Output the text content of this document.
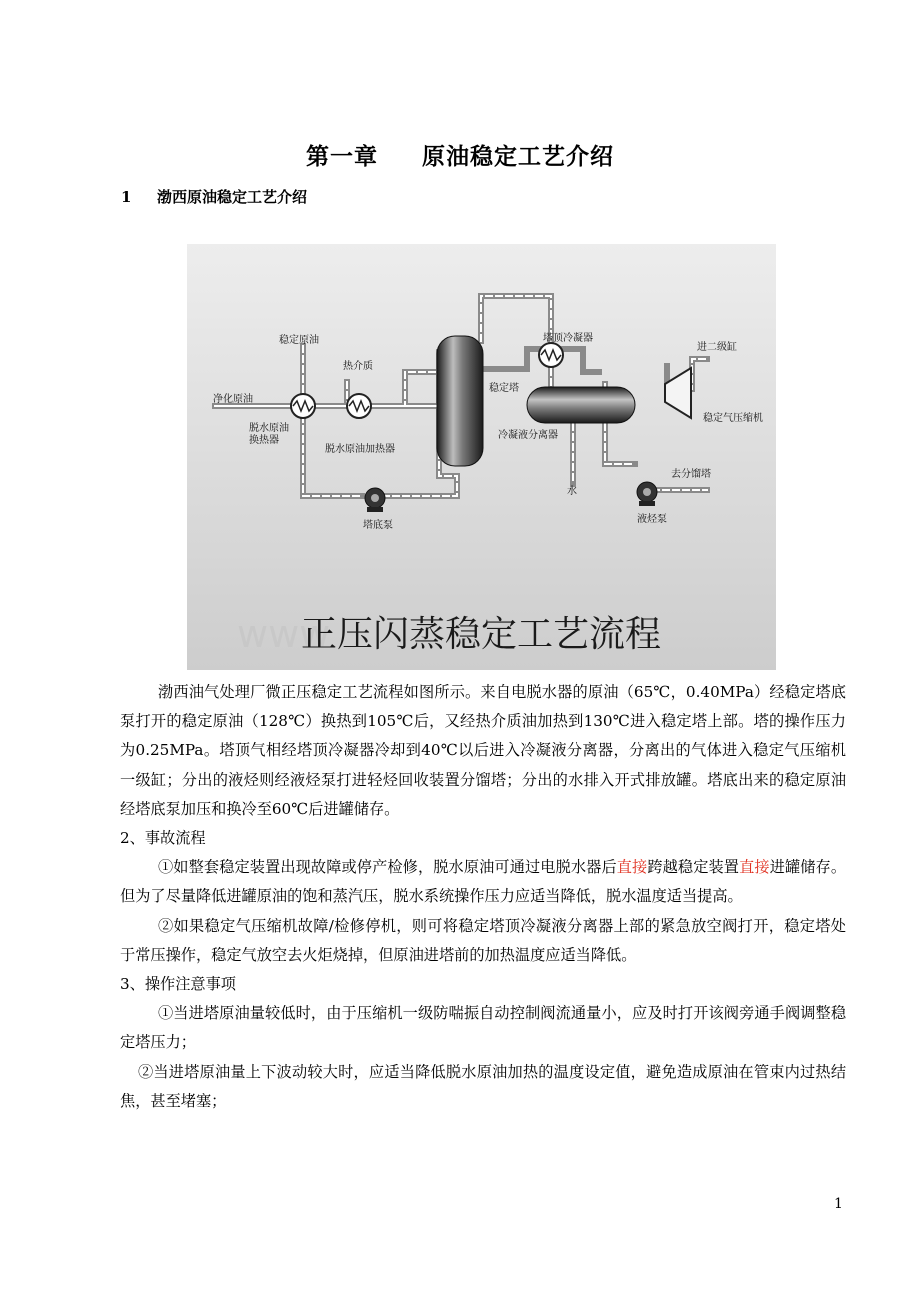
第一章 原油稳定工艺介绍
1 渤西原油稳定工艺介绍
稳定原油
热介质
净化原油
脱水原油
换热器
脱水原油加热器
稳定塔
塔顶冷凝器
冷凝液分离器
进二级缸
稳定气压缩机
水
去分馏塔
塔底泵
液烃泵
www
正压闪蒸稳定工艺流程

渤西油气处理厂微正压稳定工艺流程如图所示。来自电脱水器的原油（65℃，0.40MPa）经稳定塔底泵打开的稳定原油（128℃）换热到105℃后，又经热介质油加热到130℃进入稳定塔上部。塔的操作压力为0.25MPa。塔顶气相经塔顶冷凝器冷却到40℃以后进入冷凝液分离器，分离出的气体进入稳定气压缩机一级缸；分出的液烃则经液烃泵打进轻烃回收装置分馏塔；分出的水排入开式排放罐。塔底出来的稳定原油经塔底泵加压和换冷至60℃后进罐储存。

2、事故流程

①如整套稳定装置出现故障或停产检修，脱水原油可通过电脱水器后直接跨越稳定装置直接进罐储存。但为了尽量降低进罐原油的饱和蒸汽压，脱水系统操作压力应适当降低，脱水温度适当提高。

②如果稳定气压缩机故障/检修停机，则可将稳定塔顶冷凝液分离器上部的紧急放空阀打开，稳定塔处于常压操作，稳定气放空去火炬烧掉，但原油进塔前的加热温度应适当降低。

3、操作注意事项

①当进塔原油量较低时，由于压缩机一级防喘振自动控制阀流通量小，应及时打开该阀旁通手阀调整稳定塔压力；

②当进塔原油量上下波动较大时，应适当降低脱水原油加热的温度设定值，避免造成原油在管束内过热结焦，甚至堵塞；

1
